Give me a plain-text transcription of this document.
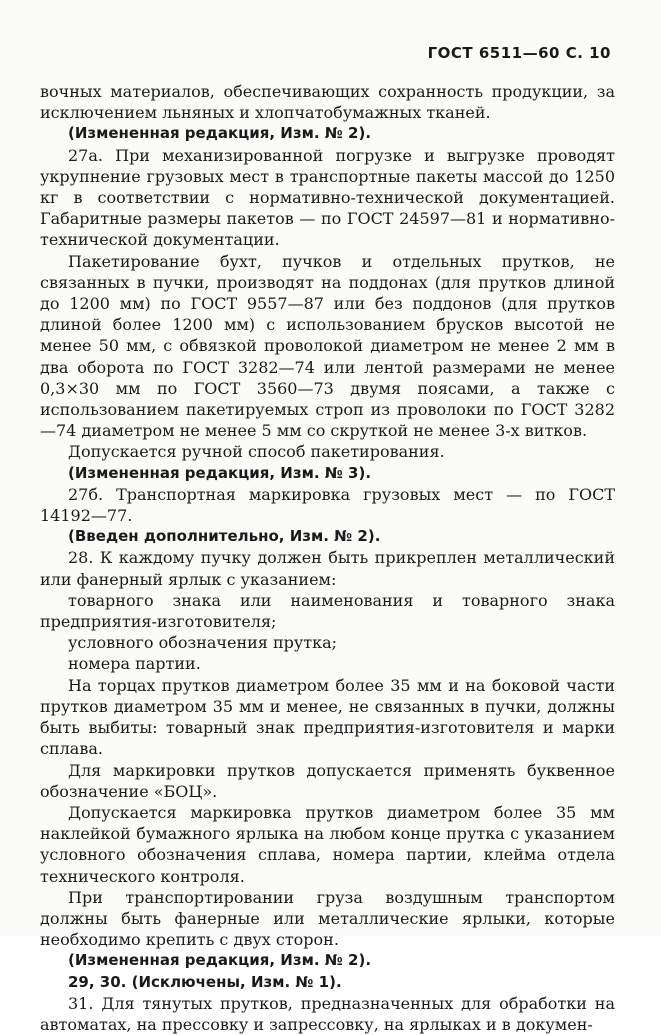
ГОСТ 6511—60 С. 10

вочных материалов, обеспечивающих сохранность продукции, за исключением льняных и хлопчатобумажных тканей.

(Измененная редакция, Изм. № 2).

27а. При механизированной погрузке и выгрузке проводят укрупнение грузовых мест в транспортные пакеты массой до 1250 кг в соответствии с нормативно-технической документацией. Габаритные размеры пакетов — по ГОСТ 24597—81 и нормативно-технической документации.

Пакетирование бухт, пучков и отдельных прутков, не связанных в пучки, производят на поддонах (для прутков длиной до 1200 мм) по ГОСТ 9557—87 или без поддонов (для прутков длиной более 1200 мм) с использованием брусков высотой не менее 50 мм, с обвязкой проволокой диаметром не менее 2 мм в два оборота по ГОСТ 3282—74 или лентой размерами не менее 0,3×30 мм по ГОСТ 3560—73 двумя поясами, а также с использованием пакетируемых строп из проволоки по ГОСТ 3282—74 диаметром не менее 5 мм со скруткой не менее 3-х витков.

Допускается ручной способ пакетирования.

(Измененная редакция, Изм. № 3).

27б. Транспортная маркировка грузовых мест — по ГОСТ 14192—77.

(Введен дополнительно, Изм. № 2).

28. К каждому пучку должен быть прикреплен металлический или фанерный ярлык с указанием:

товарного знака или наименования и товарного знака предприятия-изготовителя;

условного обозначения прутка;

номера партии.

На торцах прутков диаметром более 35 мм и на боковой части прутков диаметром 35 мм и менее, не связанных в пучки, должны быть выбиты: товарный знак предприятия-изготовителя и марки сплава.

Для маркировки прутков допускается применять буквенное обозначение «БОЦ».

Допускается маркировка прутков диаметром более 35 мм наклейкой бумажного ярлыка на любом конце прутка с указанием условного обозначения сплава, номера партии, клейма отдела технического контроля.

При транспортировании груза воздушным транспортом должны быть фанерные или металлические ярлыки, которые необходимо крепить с двух сторон.

(Измененная редакция, Изм. № 2).

29, 30. (Исключены, Изм. № 1).

31. Для тянутых прутков, предназначенных для обработки на автоматах, на прессовку и запрессовку, на ярлыках и в докумен-
